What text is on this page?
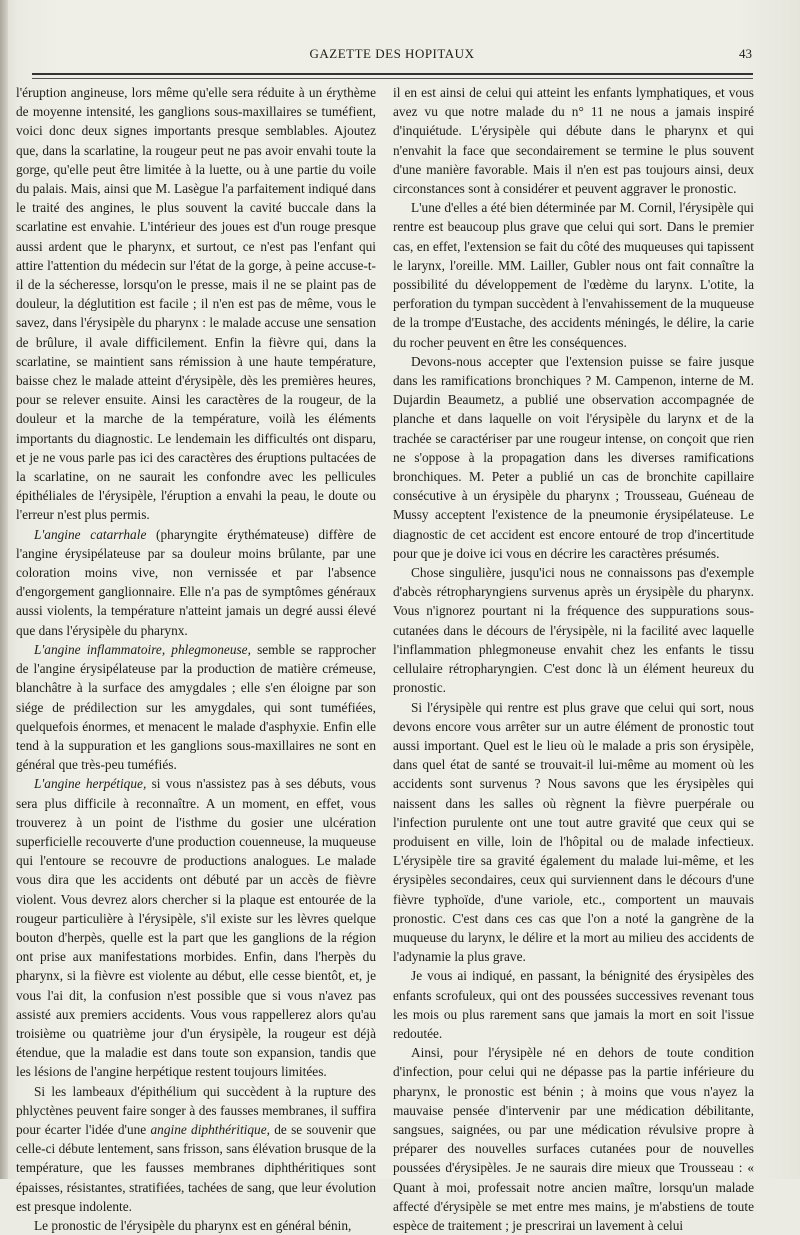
GAZETTE DES HOPITAUX	43

l'éruption angineuse, lors même qu'elle sera réduite à un érythème de moyenne intensité, les ganglions sous-maxillaires se tuméfient, voici donc deux signes importants presque semblables. Ajoutez que, dans la scarlatine, la rougeur peut ne pas avoir envahi toute la gorge, qu'elle peut être limitée à la luette, ou à une partie du voile du palais. Mais, ainsi que M. Lasègue l'a parfaitement indiqué dans le traité des angines, le plus souvent la cavité buccale dans la scarlatine est envahie. L'intérieur des joues est d'un rouge presque aussi ardent que le pharynx, et surtout, ce n'est pas l'enfant qui attire l'attention du médecin sur l'état de la gorge, à peine accuse-t-il de la sécheresse, lorsqu'on le presse, mais il ne se plaint pas de douleur, la déglutition est facile ; il n'en est pas de même, vous le savez, dans l'érysipèle du pharynx : le malade accuse une sensation de brûlure, il avale difficilement. Enfin la fièvre qui, dans la scarlatine, se maintient sans rémission à une haute température, baisse chez le malade atteint d'érysipèle, dès les premières heures, pour se relever ensuite. Ainsi les caractères de la rougeur, de la douleur et la marche de la température, voilà les éléments importants du diagnostic. Le lendemain les difficultés ont disparu, et je ne vous parle pas ici des caractères des éruptions pultacées de la scarlatine, on ne saurait les confondre avec les pellicules épithéliales de l'érysipèle, l'éruption a envahi la peau, le doute ou l'erreur n'est plus permis.

L'angine catarrhale (pharyngite érythémateuse) diffère de l'angine érysipélateuse par sa douleur moins brûlante, par une coloration moins vive, non vernissée et par l'absence d'engorgement ganglionnaire. Elle n'a pas de symptômes généraux aussi violents, la température n'atteint jamais un degré aussi élevé que dans l'érysipèle du pharynx.

L'angine inflammatoire, phlegmoneuse, semble se rapprocher de l'angine érysipélateuse par la production de matière crémeuse, blanchâtre à la surface des amygdales ; elle s'en éloigne par son siége de prédilection sur les amygdales, qui sont tuméfiées, quelquefois énormes, et menacent le malade d'asphyxie. Enfin elle tend à la suppuration et les ganglions sous-maxillaires ne sont en général que très-peu tuméfiés.

L'angine herpétique, si vous n'assistez pas à ses débuts, vous sera plus difficile à reconnaître. A un moment, en effet, vous trouverez à un point de l'isthme du gosier une ulcération superficielle recouverte d'une production couenneuse, la muqueuse qui l'entoure se recouvre de productions analogues. Le malade vous dira que les accidents ont débuté par un accès de fièvre violent. Vous devrez alors chercher si la plaque est entourée de la rougeur particulière à l'érysipèle, s'il existe sur les lèvres quelque bouton d'herpès, quelle est la part que les ganglions de la région ont prise aux manifestations morbides. Enfin, dans l'herpès du pharynx, si la fièvre est violente au début, elle cesse bientôt, et, je vous l'ai dit, la confusion n'est possible que si vous n'avez pas assisté aux premiers accidents. Vous vous rappellerez alors qu'au troisième ou quatrième jour d'un érysipèle, la rougeur est déjà étendue, que la maladie est dans toute son expansion, tandis que les lésions de l'angine herpétique restent toujours limitées.

Si les lambeaux d'épithélium qui succèdent à la rupture des phlyctènes peuvent faire songer à des fausses membranes, il suffira pour écarter l'idée d'une angine diphthéritique, de se souvenir que celle-ci débute lentement, sans frisson, sans élévation brusque de la température, que les fausses membranes diphthéritiques sont épaisses, résistantes, stratifiées, tachées de sang, que leur évolution est presque indolente.

Le pronostic de l'érysipèle du pharynx est en général bénin,

il en est ainsi de celui qui atteint les enfants lymphatiques, et vous avez vu que notre malade du n° 11 ne nous a jamais inspiré d'inquiétude. L'érysipèle qui débute dans le pharynx et qui n'envahit la face que secondairement se termine le plus souvent d'une manière favorable. Mais il n'en est pas toujours ainsi, deux circonstances sont à considérer et peuvent aggraver le pronostic.

L'une d'elles a été bien déterminée par M. Cornil, l'érysipèle qui rentre est beaucoup plus grave que celui qui sort. Dans le premier cas, en effet, l'extension se fait du côté des muqueuses qui tapissent le larynx, l'oreille. MM. Lailler, Gubler nous ont fait connaître la possibilité du développement de l'œdème du larynx. L'otite, la perforation du tympan succèdent à l'envahissement de la muqueuse de la trompe d'Eustache, des accidents méningés, le délire, la carie du rocher peuvent en être les conséquences.

Devons-nous accepter que l'extension puisse se faire jusque dans les ramifications bronchiques ? M. Campenon, interne de M. Dujardin Beaumetz, a publié une observation accompagnée de planche et dans laquelle on voit l'érysipèle du larynx et de la trachée se caractériser par une rougeur intense, on conçoit que rien ne s'oppose à la propagation dans les diverses ramifications bronchiques. M. Peter a publié un cas de bronchite capillaire consécutive à un érysipèle du pharynx ; Trousseau, Guéneau de Mussy acceptent l'existence de la pneumonie érysipélateuse. Le diagnostic de cet accident est encore entouré de trop d'incertitude pour que je doive ici vous en décrire les caractères présumés.

Chose singulière, jusqu'ici nous ne connaissons pas d'exemple d'abcès rétropharyngiens survenus après un érysipèle du pharynx. Vous n'ignorez pourtant ni la fréquence des suppurations sous-cutanées dans le décours de l'érysipèle, ni la facilité avec laquelle l'inflammation phlegmoneuse envahit chez les enfants le tissu cellulaire rétropharyngien. C'est donc là un élément heureux du pronostic.

Si l'érysipèle qui rentre est plus grave que celui qui sort, nous devons encore vous arrêter sur un autre élément de pronostic tout aussi important. Quel est le lieu où le malade a pris son érysipèle, dans quel état de santé se trouvait-il lui-même au moment où les accidents sont survenus ? Nous savons que les érysipèles qui naissent dans les salles où règnent la fièvre puerpérale ou l'infection purulente ont une tout autre gravité que ceux qui se produisent en ville, loin de l'hôpital ou de malade infectieux. L'érysipèle tire sa gravité également du malade lui-même, et les érysipèles secondaires, ceux qui surviennent dans le décours d'une fièvre typhoïde, d'une variole, etc., comportent un mauvais pronostic. C'est dans ces cas que l'on a noté la gangrène de la muqueuse du larynx, le délire et la mort au milieu des accidents de l'adynamie la plus grave.

Je vous ai indiqué, en passant, la bénignité des érysipèles des enfants scrofuleux, qui ont des poussées successives revenant tous les mois ou plus rarement sans que jamais la mort en soit l'issue redoutée.

Ainsi, pour l'érysipèle né en dehors de toute condition d'infection, pour celui qui ne dépasse pas la partie inférieure du pharynx, le pronostic est bénin ; à moins que vous n'ayez la mauvaise pensée d'intervenir par une médication débilitante, sangsues, saignées, ou par une médication révulsive propre à préparer des nouvelles surfaces cutanées pour de nouvelles poussées d'érysipèles. Je ne saurais dire mieux que Trousseau : « Quant à moi, professait notre ancien maître, lorsqu'un malade affecté d'érysipèle se met entre mes mains, je m'abstiens de toute espèce de traitement ; je prescrirai un lavement à celui
